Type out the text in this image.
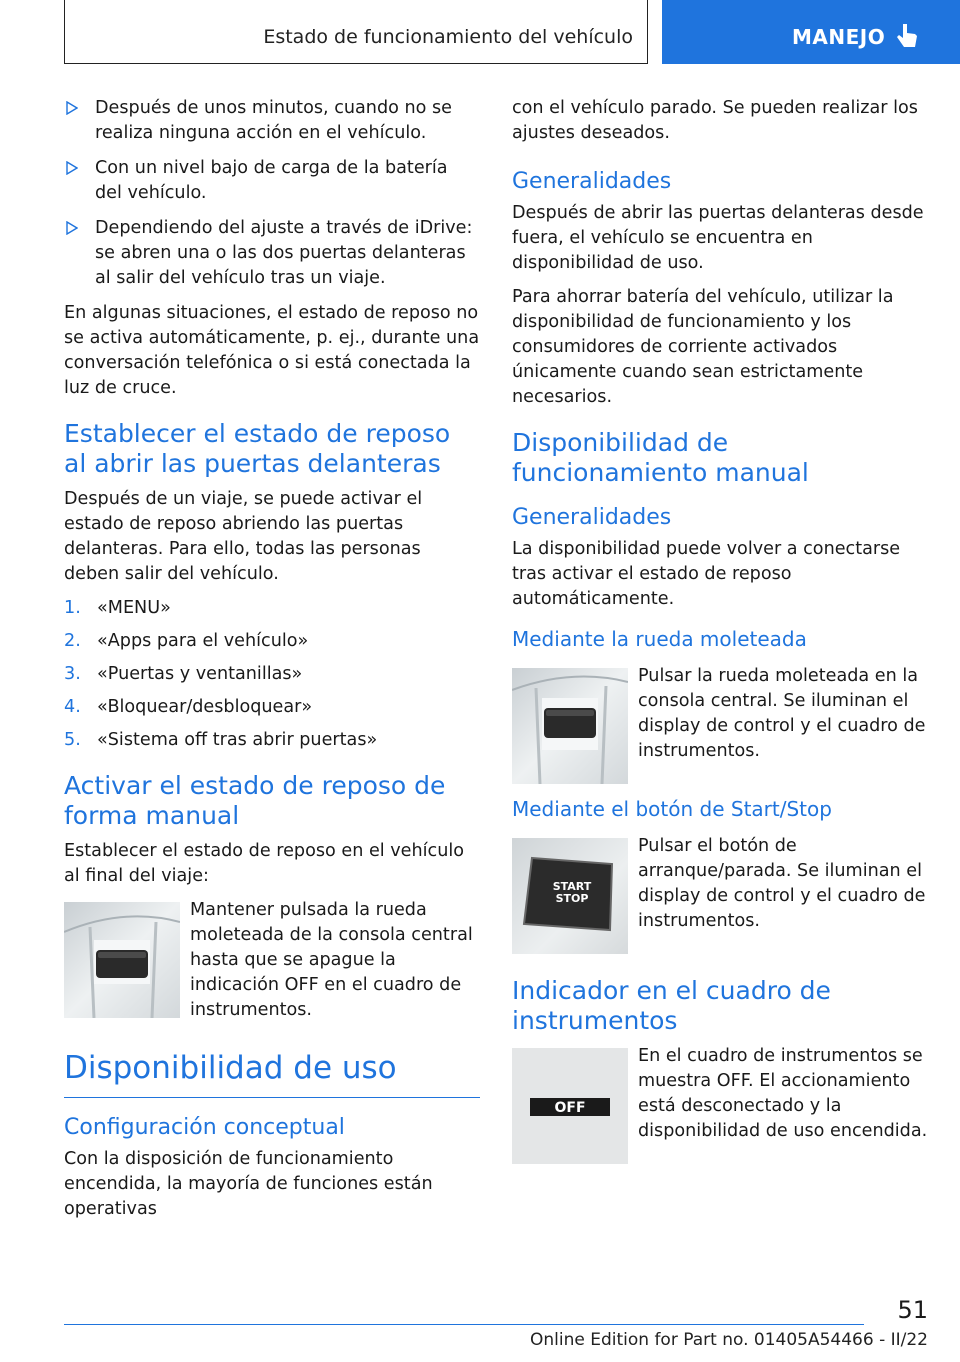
Estado de funcionamiento del vehículo	MANEJO
Después de unos minutos, cuando no se realiza ninguna acción en el vehículo.
Con un nivel bajo de carga de la batería del vehículo.
Dependiendo del ajuste a través de iDrive: se abren una o las dos puertas delanteras al salir del vehículo tras un viaje.

En algunas situaciones, el estado de reposo no se activa automáticamente, p. ej., durante una conversación telefónica o si está conectada la luz de cruce.

Establecer el estado de reposo al abrir las puertas delanteras

Después de un viaje, se puede activar el estado de reposo abriendo las puertas delanteras. Para ello, todas las personas deben salir del vehículo.

1. «MENU»
2. «Apps para el vehículo»
3. «Puertas y ventanillas»
4. «Bloquear/desbloquear»
5. «Sistema off tras abrir puertas»
Activar el estado de reposo de forma manual

Establecer el estado de reposo en el vehículo al final del viaje:

Mantener pulsada la rueda moleteada de la consola central hasta que se apague la indicación OFF en el cuadro de instrumentos.

Disponibilidad de uso
Configuración conceptual

Con la disposición de funcionamiento encendida, la mayoría de funciones están operativas

con el vehículo parado. Se pueden realizar los ajustes deseados.

Generalidades

Después de abrir las puertas delanteras desde fuera, el vehículo se encuentra en disponibilidad de uso.

Para ahorrar batería del vehículo, utilizar la disponibilidad de funcionamiento y los consumidores de corriente activados únicamente cuando sean estrictamente necesarios.

Disponibilidad de funcionamiento manual
Generalidades

La disponibilidad puede volver a conectarse tras activar el estado de reposo automáticamente.

Mediante la rueda moleteada

Pulsar la rueda moleteada en la consola central. Se iluminan el display de control y el cuadro de instrumentos.

Mediante el botón de Start/Stop
START
STOP

Pulsar el botón de arranque/parada. Se iluminan el display de control y el cuadro de instrumentos.

Indicador en el cuadro de instrumentos
OFF

En el cuadro de instrumentos se muestra OFF. El accionamiento está desconectado y la disponibilidad de uso encendida.

51
Online Edition for Part no. 01405A54466 - II/22
